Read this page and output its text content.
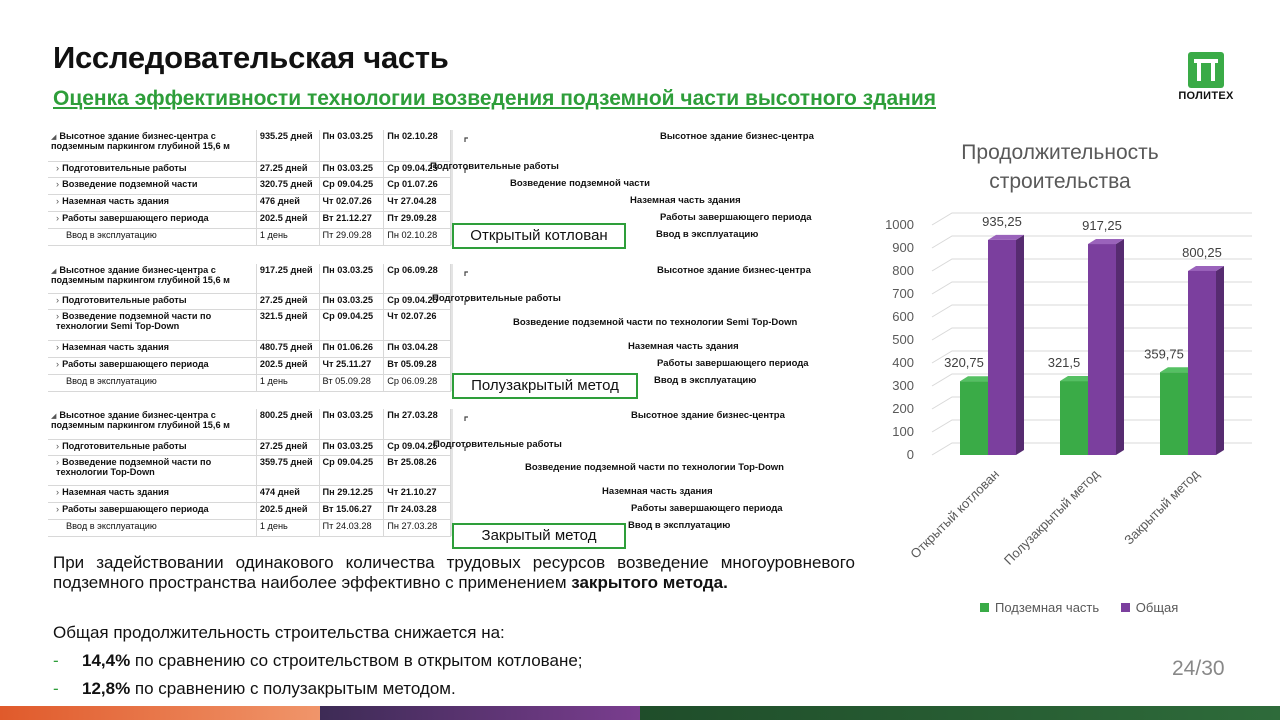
Исследовательская часть
Оценка эффективности технологии возведения подземной части высотного здания	ПОЛИТЕХ
◢ Высотное здание бизнес-центра с подземным паркингом глубиной 15,6 м	935.25 дней	Пн 03.03.25	Пн 02.10.28
› Подготовительные работы	27.25 дней	Пн 03.03.25	Ср 09.04.25
› Возведение подземной части	320.75 дней	Ср 09.04.25	Ср 01.07.26
› Наземная часть здания	476 дней	Чт 02.07.26	Чт 27.04.28
› Работы завершающего периода	202.5 дней	Вт 21.12.27	Пт 29.09.28
Ввод в эксплуатацию	1 день	Пт 29.09.28	Пн 02.10.28
Высотное здание бизнес-центра
Подготовительные работы
Возведение подземной части
Наземная часть здания
Работы завершающего периода
Ввод в эксплуатацию
◢ Высотное здание бизнес-центра с подземным паркингом глубиной 15,6 м	917.25 дней	Пн 03.03.25	Ср 06.09.28
› Подготовительные работы	27.25 дней	Пн 03.03.25	Ср 09.04.25
› Возведение подземной части по технологии Semi Top-Down	321.5 дней	Ср 09.04.25	Чт 02.07.26
› Наземная часть здания	480.75 дней	Пн 01.06.26	Пн 03.04.28
› Работы завершающего периода	202.5 дней	Чт 25.11.27	Вт 05.09.28
Ввод в эксплуатацию	1 день	Вт 05.09.28	Ср 06.09.28
Высотное здание бизнес-центра
Подготовительные работы
Возведение подземной части по технологии Semi Top-Down
Наземная часть здания
Работы завершающего периода
Ввод в эксплуатацию
◢ Высотное здание бизнес-центра с подземным паркингом глубиной 15,6 м	800.25 дней	Пн 03.03.25	Пн 27.03.28
› Подготовительные работы	27.25 дней	Пн 03.03.25	Ср 09.04.25
› Возведение подземной части по технологии Top-Down	359.75 дней	Ср 09.04.25	Вт 25.08.26
› Наземная часть здания	474 дней	Пн 29.12.25	Чт 21.10.27
› Работы завершающего периода	202.5 дней	Вт 15.06.27	Пт 24.03.28
Ввод в эксплуатацию	1 день	Пт 24.03.28	Пн 27.03.28
Высотное здание бизнес-центра
Подготовительные работы
Возведение подземной части по технологии Top-Down
Наземная часть здания
Работы завершающего периода
Ввод в эксплуатацию
Открытый котлован
Полузакрытый метод
Закрытый метод
При задействовании одинакового количества трудовых ресурсов возведение многоуровневого подземного пространства наиболее эффективно с применением закрытого метода.
Общая продолжительность строительства снижается на:
- 14,4% по сравнению со строительством в открытом котловане;
- 12,8% по сравнению с полузакрытым методом.
24/30
Продолжительность строительства
0
100
200
300
400
500
600
700
800
900
1000
320,75
935,25
Открытый котлован
321,5
917,25
Полузакрытый метод
359,75
800,25
Закрытый метод
Подземная часть	Общая
